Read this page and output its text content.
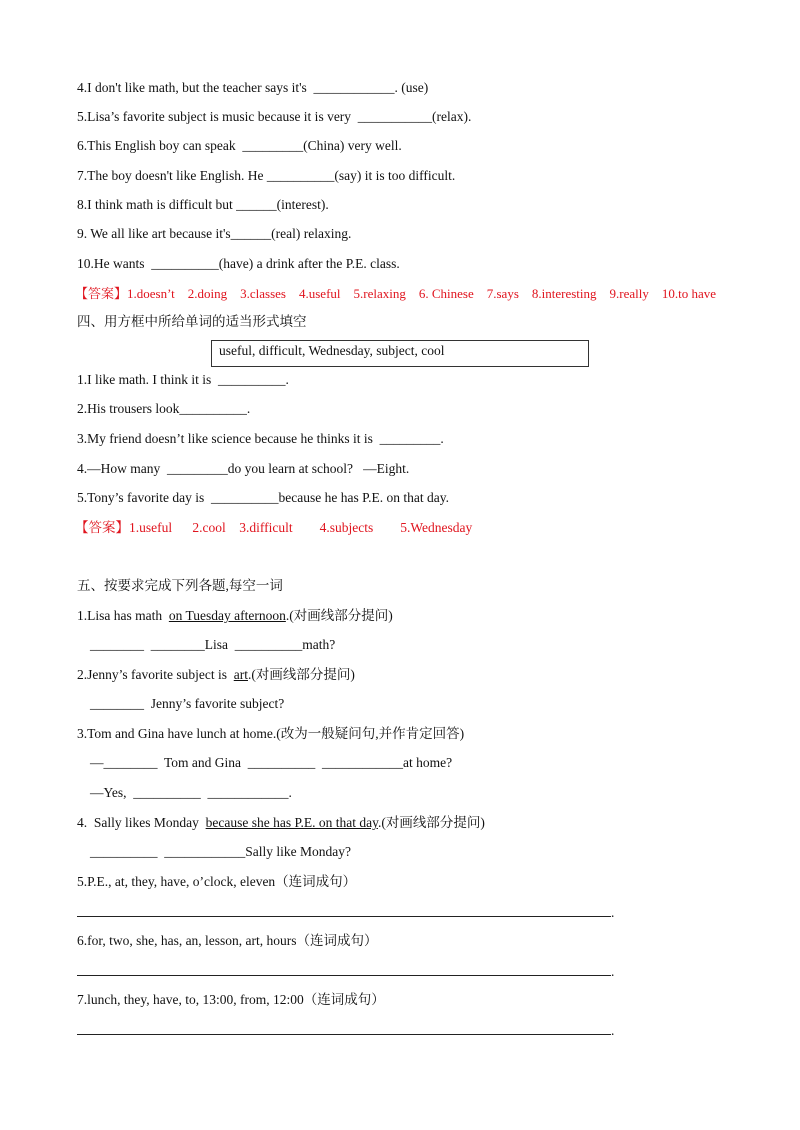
4.I don't like math, but the teacher says it's  ____________. (use)
5.Lisa’s favorite subject is music because it is very  ___________(relax).
6.This English boy can speak  _________(China) very well.
7.The boy doesn't like English. He __________(say) it is too difficult.
8.I think math is difficult but ______(interest).
9. We all like art because it's______(real) relaxing.
10.He wants  __________(have) a drink after the P.E. class.
【答案】1.doesn’t    2.doing    3.classes    4.useful    5.relaxing    6. Chinese    7.says    8.interesting    9.really    10.to have
四、用方框中所给单词的适当形式填空
useful, difficult, Wednesday, subject, cool
1.I like math. I think it is  __________.
2.His trousers look__________.
3.My friend doesn’t like science because he thinks it is  _________.
4.—How many  _________do you learn at school?   —Eight.
5.Tony’s favorite day is  __________because he has P.E. on that day.
【答案】1.useful      2.cool    3.difficult        4.subjects        5.Wednesday
五、按要求完成下列各题,每空一词
1.Lisa has math  on Tuesday afternoon.(对画线部分提问)
________  ________Lisa  __________math?
2.Jenny’s favorite subject is  art.(对画线部分提问)
________  Jenny’s favorite subject?
3.Tom and Gina have lunch at home.(改为一般疑问句,并作肯定回答)
—________  Tom and Gina  __________  ____________at home?
—Yes,  __________  ____________.
4.  Sally likes Monday  because she has P.E. on that day.(对画线部分提问)
__________  ____________Sally like Monday?
5.P.E., at, they, have, o’clock, eleven（连词成句）
.
6.for, two, she, has, an, lesson, art, hours（连词成句）
.
7.lunch, they, have, to, 13:00, from, 12:00（连词成句）
.
